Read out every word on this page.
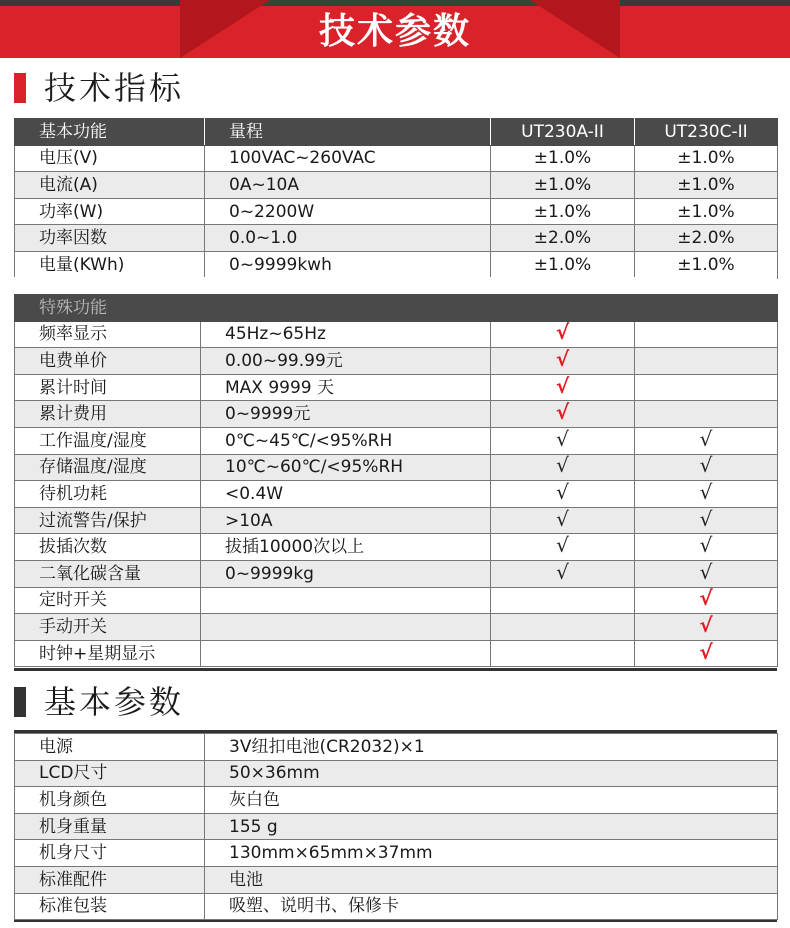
技术参数
技术指标
基本功能	量程	UT230A-II	UT230C-II
电压(V)	100VAC~260VAC	±1.0%	±1.0%
电流(A)	0A~10A	±1.0%	±1.0%
功率(W)	0~2200W	±1.0%	±1.0%
功率因数	0.0~1.0	±2.0%	±2.0%
电量(KWh)	0~9999kwh	±1.0%	±1.0%
特殊功能			
频率显示	45Hz~65Hz	√	
电费单价	0.00~99.99元	√	
累计时间	MAX 9999 天	√	
累计费用	0~9999元	√	
工作温度/湿度	0℃~45℃/<95%RH	√	√
存储温度/湿度	10℃~60℃/<95%RH	√	√
待机功耗	<0.4W	√	√
过流警告/保护	>10A	√	√
拔插次数	拔插10000次以上	√	√
二氧化碳含量	0~9999kg	√	√
定时开关			√
手动开关			√
时钟+星期显示			√
基本参数
电源	3V纽扣电池(CR2032)×1
LCD尺寸	50×36mm
机身颜色	灰白色
机身重量	155 g
机身尺寸	130mm×65mm×37mm
标准配件	电池
标准包装	吸塑、说明书、保修卡
